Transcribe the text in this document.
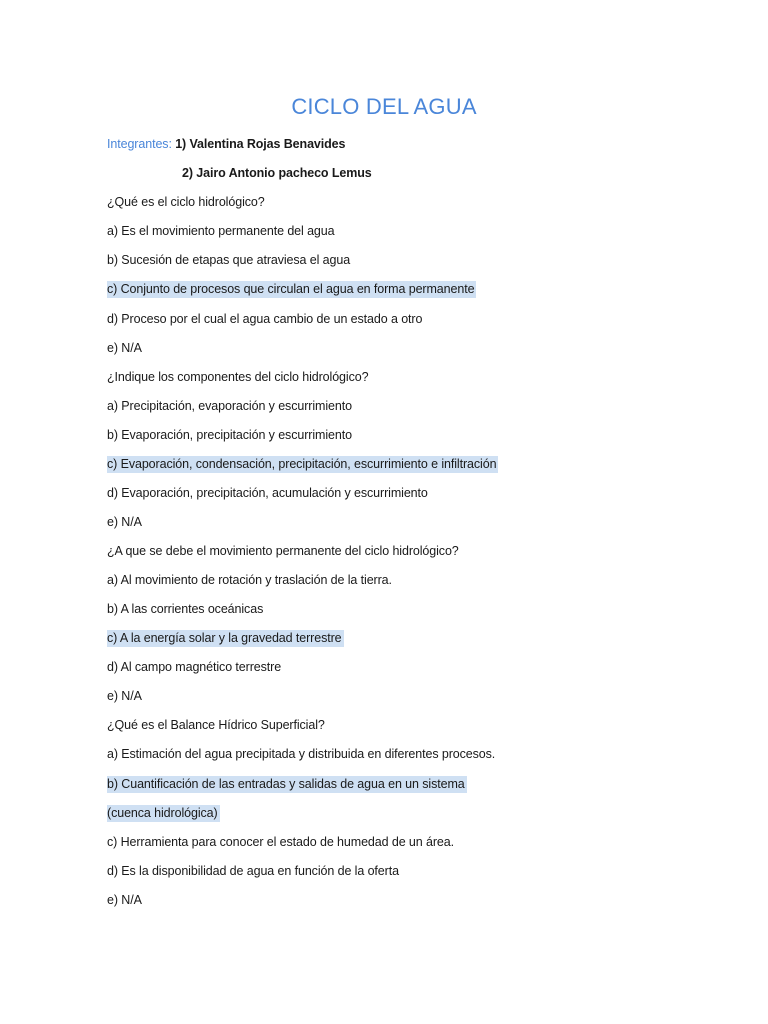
CICLO DEL AGUA
Integrantes: 1) Valentina Rojas Benavides
2) Jairo Antonio pacheco Lemus
¿Qué es el ciclo hidrológico?
a) Es el movimiento permanente del agua
b) Sucesión de etapas que atraviesa el agua
c) Conjunto de procesos que circulan el agua en forma permanente
d) Proceso por el cual el agua cambio de un estado a otro
e) N/A
¿Indique los componentes del ciclo hidrológico?
a) Precipitación, evaporación y escurrimiento
b) Evaporación, precipitación y escurrimiento
c) Evaporación, condensación, precipitación, escurrimiento e infiltración
d) Evaporación, precipitación, acumulación y escurrimiento
e) N/A
¿A que se debe el movimiento permanente del ciclo hidrológico?
a) Al movimiento de rotación y traslación de la tierra.
b) A las corrientes oceánicas
c) A la energía solar y la gravedad terrestre
d) Al campo magnético terrestre
e) N/A
¿Qué es el Balance Hídrico Superficial?
a) Estimación del agua precipitada y distribuida en diferentes procesos.
b) Cuantificación de las entradas y salidas de agua en un sistema
(cuenca hidrológica)
c) Herramienta para conocer el estado de humedad de un área.
d) Es la disponibilidad de agua en función de la oferta
e) N/A
